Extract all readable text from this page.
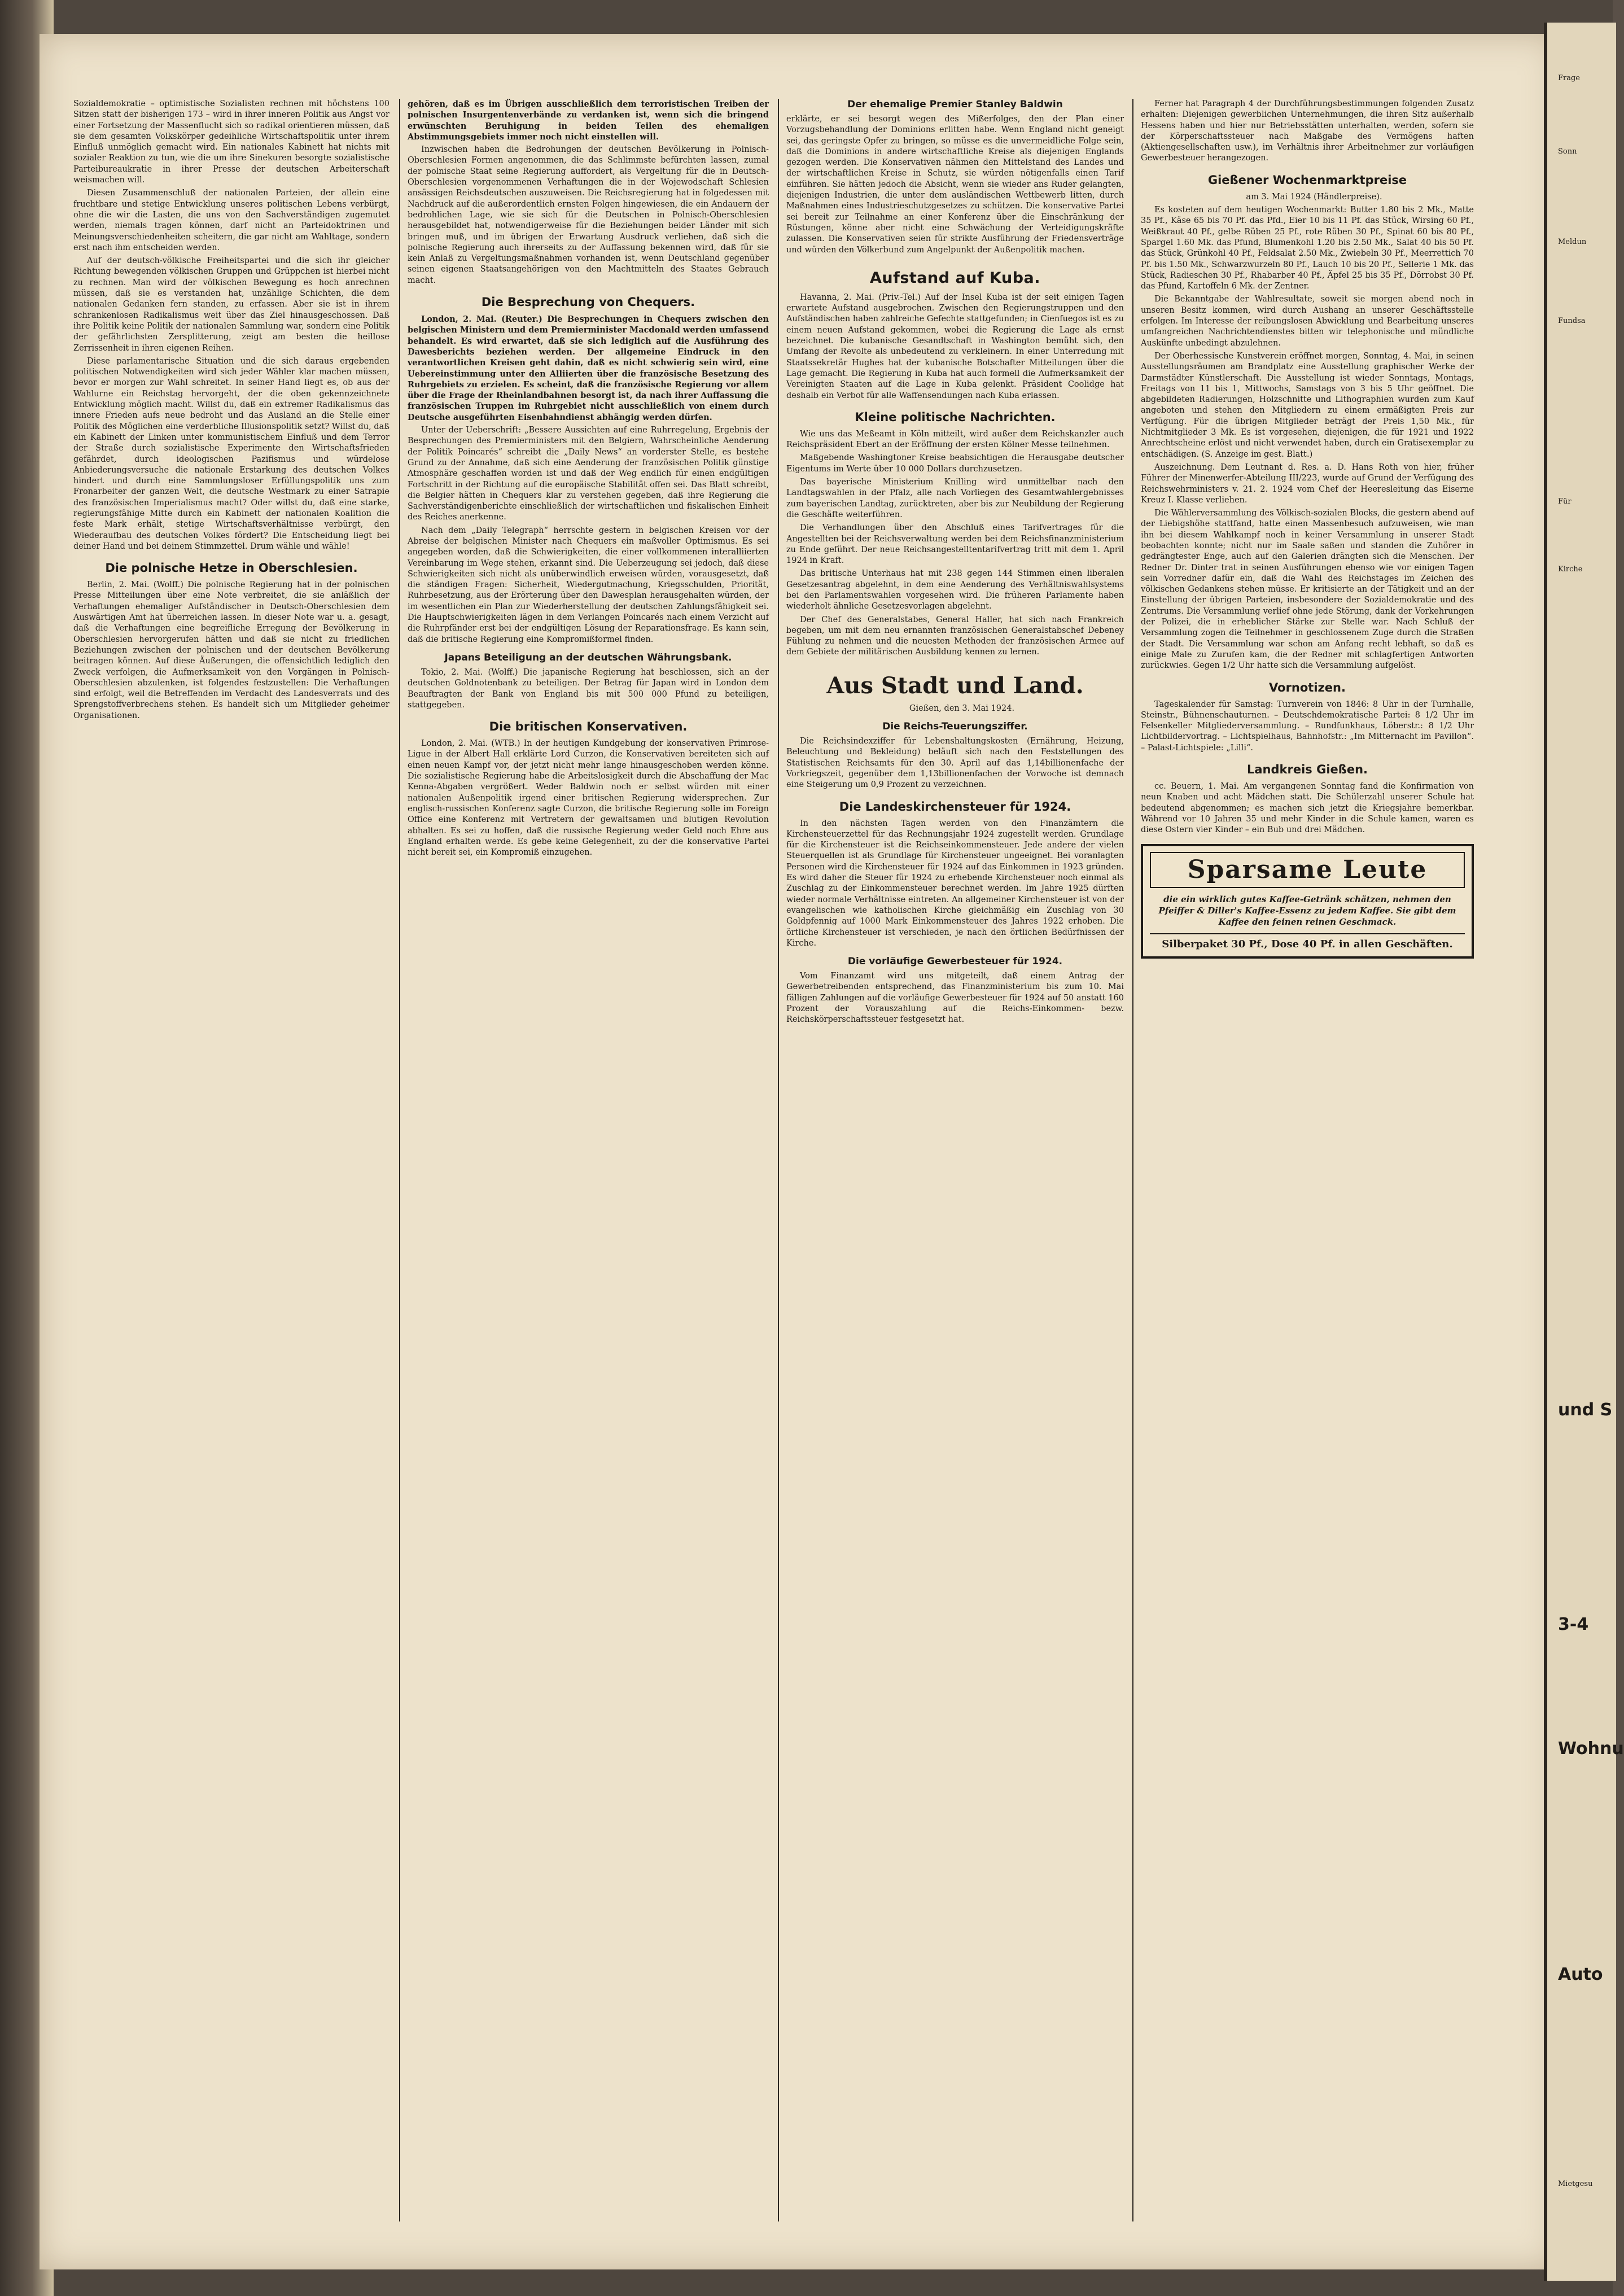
Sozialdemokratie – optimistische Sozialisten rechnen mit höchstens 100 Sitzen statt der bisherigen 173 – wird in ihrer inneren Politik aus Angst vor einer Fortsetzung der Massenflucht sich so radikal orientieren müssen, daß sie dem gesamten Volkskörper gedeihliche Wirtschaftspolitik unter ihrem Einfluß unmöglich gemacht wird. Ein nationales Kabinett hat nichts mit sozialer Reaktion zu tun, wie die um ihre Sinekuren besorgte sozialistische Parteibureaukratie in ihrer Presse der deutschen Arbeiterschaft weismachen will.

Diesen Zusammenschluß der nationalen Parteien, der allein eine fruchtbare und stetige Entwicklung unseres politischen Lebens verbürgt, ohne die wir die Lasten, die uns von den Sachverständigen zugemutet werden, niemals tragen können, darf nicht an Parteidoktrinen und Meinungsverschiedenheiten scheitern, die gar nicht am Wahltage, sondern erst nach ihm entscheiden werden.

Auf der deutsch-völkische Freiheitspartei und die sich ihr gleicher Richtung bewegenden völkischen Gruppen und Grüppchen ist hierbei nicht zu rechnen. Man wird der völkischen Bewegung es hoch anrechnen müssen, daß sie es verstanden hat, unzählige Schichten, die dem nationalen Gedanken fern standen, zu erfassen. Aber sie ist in ihrem schrankenlosen Radikalismus weit über das Ziel hinausgeschossen. Daß ihre Politik keine Politik der nationalen Sammlung war, sondern eine Politik der gefährlichsten Zersplitterung, zeigt am besten die heillose Zerrissenheit in ihren eigenen Reihen.

Diese parlamentarische Situation und die sich daraus ergebenden politischen Notwendigkeiten wird sich jeder Wähler klar machen müssen, bevor er morgen zur Wahl schreitet. In seiner Hand liegt es, ob aus der Wahlurne ein Reichstag hervorgeht, der die oben gekennzeichnete Entwicklung möglich macht. Willst du, daß ein extremer Radikalismus das innere Frieden aufs neue bedroht und das Ausland an die Stelle einer Politik des Möglichen eine verderbliche Illusionspolitik setzt? Willst du, daß ein Kabinett der Linken unter kommunistischem Einfluß und dem Terror der Straße durch sozialistische Experimente den Wirtschaftsfrieden gefährdet, durch ideologischen Pazifismus und würdelose Anbiederungsversuche die nationale Erstarkung des deutschen Volkes hindert und durch eine Sammlungsloser Erfüllungspolitik uns zum Fronarbeiter der ganzen Welt, die deutsche Westmark zu einer Satrapie des französischen Imperialismus macht? Oder willst du, daß eine starke, regierungsfähige Mitte durch ein Kabinett der nationalen Koalition die feste Mark erhält, stetige Wirtschaftsverhältnisse verbürgt, den Wiederaufbau des deutschen Volkes fördert? Die Entscheidung liegt bei deiner Hand und bei deinem Stimmzettel. Drum wähle und wähle!

Die polnische Hetze in Oberschlesien.

Berlin, 2. Mai. (Wolff.) Die polnische Regierung hat in der polnischen Presse Mitteilungen über eine Note verbreitet, die sie anläßlich der Verhaftungen ehemaliger Aufständischer in Deutsch-Oberschlesien dem Auswärtigen Amt hat überreichen lassen. In dieser Note war u. a. gesagt, daß die Verhaftungen eine begreifliche Erregung der Bevölkerung in Oberschlesien hervorgerufen hätten und daß sie nicht zu friedlichen Beziehungen zwischen der polnischen und der deutschen Bevölkerung beitragen können. Auf diese Äußerungen, die offensichtlich lediglich den Zweck verfolgen, die Aufmerksamkeit von den Vorgängen in Polnisch-Oberschlesien abzulenken, ist folgendes festzustellen: Die Verhaftungen sind erfolgt, weil die Betreffenden im Verdacht des Landesverrats und des Sprengstoffverbrechens stehen. Es handelt sich um Mitglieder geheimer Organisationen.

gehören, daß es im Übrigen ausschließlich dem terroristischen Treiben der polnischen Insurgentenverbände zu verdanken ist, wenn sich die bringend erwünschten Beruhigung in beiden Teilen des ehemaligen Abstimmungsgebiets immer noch nicht einstellen will.

Inzwischen haben die Bedrohungen der deutschen Bevölkerung in Polnisch-Oberschlesien Formen angenommen, die das Schlimmste befürchten lassen, zumal der polnische Staat seine Regierung auffordert, als Vergeltung für die in Deutsch-Oberschlesien vorgenommenen Verhaftungen die in der Wojewodschaft Schlesien ansässigen Reichsdeutschen auszuweisen. Die Reichsregierung hat in folgedessen mit Nachdruck auf die außerordentlich ernsten Folgen hingewiesen, die ein Andauern der bedrohlichen Lage, wie sie sich für die Deutschen in Polnisch-Oberschlesien herausgebildet hat, notwendigerweise für die Beziehungen beider Länder mit sich bringen muß, und im übrigen der Erwartung Ausdruck verliehen, daß sich die polnische Regierung auch ihrerseits zu der Auffassung bekennen wird, daß für sie kein Anlaß zu Vergeltungsmaßnahmen vorhanden ist, wenn Deutschland gegenüber seinen eigenen Staatsangehörigen von den Machtmitteln des Staates Gebrauch macht.

Die Besprechung von Chequers.

London, 2. Mai. (Reuter.) Die Besprechungen in Chequers zwischen den belgischen Ministern und dem Premierminister Macdonald werden umfassend behandelt. Es wird erwartet, daß sie sich lediglich auf die Ausführung des Dawesberichts beziehen werden. Der allgemeine Eindruck in den verantwortlichen Kreisen geht dahin, daß es nicht schwierig sein wird, eine Uebereinstimmung unter den Alliierten über die französische Besetzung des Ruhrgebiets zu erzielen. Es scheint, daß die französische Regierung vor allem über die Frage der Rheinlandbahnen besorgt ist, da nach ihrer Auffassung die französischen Truppen im Ruhrgebiet nicht ausschließlich von einem durch Deutsche ausgeführten Eisenbahndienst abhängig werden dürfen.

Unter der Ueberschrift: „Bessere Aussichten auf eine Ruhrregelung, Ergebnis der Besprechungen des Premierministers mit den Belgiern, Wahrscheinliche Aenderung der Politik Poincarés“ schreibt die „Daily News“ an vorderster Stelle, es bestehe Grund zu der Annahme, daß sich eine Aenderung der französischen Politik günstige Atmosphäre geschaffen worden ist und daß der Weg endlich für einen endgültigen Fortschritt in der Richtung auf die europäische Stabilität offen sei. Das Blatt schreibt, die Belgier hätten in Chequers klar zu verstehen gegeben, daß ihre Regierung die Sachverständigenberichte einschließlich der wirtschaftlichen und fiskalischen Einheit des Reiches anerkenne.

Nach dem „Daily Telegraph“ herrschte gestern in belgischen Kreisen vor der Abreise der belgischen Minister nach Chequers ein maßvoller Optimismus. Es sei angegeben worden, daß die Schwierigkeiten, die einer vollkommenen interalliierten Vereinbarung im Wege stehen, erkannt sind. Die Ueberzeugung sei jedoch, daß diese Schwierigkeiten sich nicht als unüberwindlich erweisen würden, vorausgesetzt, daß die ständigen Fragen: Sicherheit, Wiedergutmachung, Kriegsschulden, Priorität, Ruhrbesetzung, aus der Erörterung über den Dawesplan herausgehalten würden, der im wesentlichen ein Plan zur Wiederherstellung der deutschen Zahlungsfähigkeit sei. Die Hauptschwierigkeiten lägen in dem Verlangen Poincarés nach einem Verzicht auf die Ruhrpfänder erst bei der endgültigen Lösung der Reparationsfrage. Es kann sein, daß die britische Regierung eine Kompromißformel finden.

Japans Beteiligung an der deutschen Währungsbank.

Tokio, 2. Mai. (Wolff.) Die japanische Regierung hat beschlossen, sich an der deutschen Goldnotenbank zu beteiligen. Der Betrag für Japan wird in London dem Beauftragten der Bank von England bis mit 500 000 Pfund zu beteiligen, stattgegeben.

Die britischen Konservativen.

London, 2. Mai. (WTB.) In der heutigen Kundgebung der konservativen Primrose-Ligue in der Albert Hall erklärte Lord Curzon, die Konservativen bereiteten sich auf einen neuen Kampf vor, der jetzt nicht mehr lange hinausgeschoben werden könne. Die sozialistische Regierung habe die Arbeitslosigkeit durch die Abschaffung der Mac Kenna-Abgaben vergrößert. Weder Baldwin noch er selbst würden mit einer nationalen Außenpolitik irgend einer britischen Regierung widersprechen. Zur englisch-russischen Konferenz sagte Curzon, die britische Regierung solle im Foreign Office eine Konferenz mit Vertretern der gewaltsamen und blutigen Revolution abhalten. Es sei zu hoffen, daß die russische Regierung weder Geld noch Ehre aus England erhalten werde. Es gebe keine Gelegenheit, zu der die konservative Partei nicht bereit sei, ein Kompromiß einzugehen.

Der ehemalige Premier Stanley Baldwin

erklärte, er sei besorgt wegen des Mißerfolges, den der Plan einer Vorzugsbehandlung der Dominions erlitten habe. Wenn England nicht geneigt sei, das geringste Opfer zu bringen, so müsse es die unvermeidliche Folge sein, daß die Dominions in andere wirtschaftliche Kreise als diejenigen Englands gezogen werden. Die Konservativen nähmen den Mittelstand des Landes und der wirtschaftlichen Kreise in Schutz, sie würden nötigenfalls einen Tarif einführen. Sie hätten jedoch die Absicht, wenn sie wieder ans Ruder gelangten, diejenigen Industrien, die unter dem ausländischen Wettbewerb litten, durch Maßnahmen eines Industrieschutzgesetzes zu schützen. Die konservative Partei sei bereit zur Teilnahme an einer Konferenz über die Einschränkung der Rüstungen, könne aber nicht eine Schwächung der Verteidigungskräfte zulassen. Die Konservativen seien für strikte Ausführung der Friedensverträge und würden den Völkerbund zum Angelpunkt der Außenpolitik machen.

Aufstand auf Kuba.

Havanna, 2. Mai. (Priv.-Tel.) Auf der Insel Kuba ist der seit einigen Tagen erwartete Aufstand ausgebrochen. Zwischen den Regierungstruppen und den Aufständischen haben zahlreiche Gefechte stattgefunden; in Cienfuegos ist es zu einem neuen Aufstand gekommen, wobei die Regierung die Lage als ernst bezeichnet. Die kubanische Gesandtschaft in Washington bemüht sich, den Umfang der Revolte als unbedeutend zu verkleinern. In einer Unterredung mit Staatssekretär Hughes hat der kubanische Botschafter Mitteilungen über die Lage gemacht. Die Regierung in Kuba hat auch formell die Aufmerksamkeit der Vereinigten Staaten auf die Lage in Kuba gelenkt. Präsident Coolidge hat deshalb ein Verbot für alle Waffensendungen nach Kuba erlassen.

Kleine politische Nachrichten.

Wie uns das Meßeamt in Köln mitteilt, wird außer dem Reichskanzler auch Reichspräsident Ebert an der Eröffnung der ersten Kölner Messe teilnehmen.

Maßgebende Washingtoner Kreise beabsichtigen die Herausgabe deutscher Eigentums im Werte über 10 000 Dollars durchzusetzen.

Das bayerische Ministerium Knilling wird unmittelbar nach den Landtagswahlen in der Pfalz, alle nach Vorliegen des Gesamtwahlergebnisses zum bayerischen Landtag, zurücktreten, aber bis zur Neubildung der Regierung die Geschäfte weiterführen.

Die Verhandlungen über den Abschluß eines Tarifvertrages für die Angestellten bei der Reichsverwaltung werden bei dem Reichsfinanzministerium zu Ende geführt. Der neue Reichsangestelltentarifvertrag tritt mit dem 1. April 1924 in Kraft.

Das britische Unterhaus hat mit 238 gegen 144 Stimmen einen liberalen Gesetzesantrag abgelehnt, in dem eine Aenderung des Verhältniswahlsystems bei den Parlamentswahlen vorgesehen wird. Die früheren Parlamente haben wiederholt ähnliche Gesetzesvorlagen abgelehnt.

Der Chef des Generalstabes, General Haller, hat sich nach Frankreich begeben, um mit dem neu ernannten französischen Generalstabschef Debeney Fühlung zu nehmen und die neuesten Methoden der französischen Armee auf dem Gebiete der militärischen Ausbildung kennen zu lernen.

Aus Stadt und Land.

Gießen, den 3. Mai 1924.

Die Reichs-Teuerungsziffer.

Die Reichsindexziffer für Lebenshaltungskosten (Ernährung, Heizung, Beleuchtung und Bekleidung) beläuft sich nach den Feststellungen des Statistischen Reichsamts für den 30. April auf das 1,14billionenfache der Vorkriegszeit, gegenüber dem 1,13billionenfachen der Vorwoche ist demnach eine Steigerung um 0,9 Prozent zu verzeichnen.

Die Landeskirchensteuer für 1924.

In den nächsten Tagen werden von den Finanzämtern die Kirchensteuerzettel für das Rechnungsjahr 1924 zugestellt werden. Grundlage für die Kirchensteuer ist die Reichseinkommensteuer. Jede andere der vielen Steuerquellen ist als Grundlage für Kirchensteuer ungeeignet. Bei voranlagten Personen wird die Kirchensteuer für 1924 auf das Einkommen in 1923 gründen. Es wird daher die Steuer für 1924 zu erhebende Kirchensteuer noch einmal als Zuschlag zu der Einkommensteuer berechnet werden. Im Jahre 1925 dürften wieder normale Verhältnisse eintreten. An allgemeiner Kirchensteuer ist von der evangelischen wie katholischen Kirche gleichmäßig ein Zuschlag von 30 Goldpfennig auf 1000 Mark Einkommensteuer des Jahres 1922 erhoben. Die örtliche Kirchensteuer ist verschieden, je nach den örtlichen Bedürfnissen der Kirche.

Die vorläufige Gewerbesteuer für 1924.

Vom Finanzamt wird uns mitgeteilt, daß einem Antrag der Gewerbetreibenden entsprechend, das Finanzministerium bis zum 10. Mai fälligen Zahlungen auf die vorläufige Gewerbesteuer für 1924 auf 50 anstatt 160 Prozent der Vorauszahlung auf die Reichs-Einkommen- bezw. Reichskörperschaftssteuer festgesetzt hat.

Ferner hat Paragraph 4 der Durchführungsbestimmungen folgenden Zusatz erhalten: Diejenigen gewerblichen Unternehmungen, die ihren Sitz außerhalb Hessens haben und hier nur Betriebsstätten unterhalten, werden, sofern sie der Körperschaftssteuer nach Maßgabe des Vermögens haften (Aktiengesellschaften usw.), im Verhältnis ihrer Arbeitnehmer zur vorläufigen Gewerbesteuer herangezogen.

Gießener Wochenmarktpreise

am 3. Mai 1924 (Händlerpreise).

Es kosteten auf dem heutigen Wochenmarkt: Butter 1.80 bis 2 Mk., Matte 35 Pf., Käse 65 bis 70 Pf. das Pfd., Eier 10 bis 11 Pf. das Stück, Wirsing 60 Pf., Weißkraut 40 Pf., gelbe Rüben 25 Pf., rote Rüben 30 Pf., Spinat 60 bis 80 Pf., Spargel 1.60 Mk. das Pfund, Blumenkohl 1.20 bis 2.50 Mk., Salat 40 bis 50 Pf. das Stück, Grünkohl 40 Pf., Feldsalat 2.50 Mk., Zwiebeln 30 Pf., Meerrettich 70 Pf. bis 1.50 Mk., Schwarzwurzeln 80 Pf., Lauch 10 bis 20 Pf., Sellerie 1 Mk. das Stück, Radieschen 30 Pf., Rhabarber 40 Pf., Äpfel 25 bis 35 Pf., Dörrobst 30 Pf. das Pfund, Kartoffeln 6 Mk. der Zentner.

Die Bekanntgabe der Wahlresultate, soweit sie morgen abend noch in unseren Besitz kommen, wird durch Aushang an unserer Geschäftsstelle erfolgen. Im Interesse der reibungslosen Abwicklung und Bearbeitung unseres umfangreichen Nachrichtendienstes bitten wir telephonische und mündliche Auskünfte unbedingt abzulehnen.

Der Oberhessische Kunstverein eröffnet morgen, Sonntag, 4. Mai, in seinen Ausstellungsräumen am Brandplatz eine Ausstellung graphischer Werke der Darmstädter Künstlerschaft. Die Ausstellung ist wieder Sonntags, Montags, Freitags von 11 bis 1, Mittwochs, Samstags von 3 bis 5 Uhr geöffnet. Die abgebildeten Radierungen, Holzschnitte und Lithographien wurden zum Kauf angeboten und stehen den Mitgliedern zu einem ermäßigten Preis zur Verfügung. Für die übrigen Mitglieder beträgt der Preis 1,50 Mk., für Nichtmitglieder 3 Mk. Es ist vorgesehen, diejenigen, die für 1921 und 1922 Anrechtscheine erlöst und nicht verwendet haben, durch ein Gratisexemplar zu entschädigen. (S. Anzeige im gest. Blatt.)

Auszeichnung. Dem Leutnant d. Res. a. D. Hans Roth von hier, früher Führer der Minenwerfer-Abteilung III/223, wurde auf Grund der Verfügung des Reichswehrministers v. 21. 2. 1924 vom Chef der Heeresleitung das Eiserne Kreuz I. Klasse verliehen.

Die Wählerversammlung des Völkisch-sozialen Blocks, die gestern abend auf der Liebigshöhe stattfand, hatte einen Massenbesuch aufzuweisen, wie man ihn bei diesem Wahlkampf noch in keiner Versammlung in unserer Stadt beobachten konnte; nicht nur im Saale saßen und standen die Zuhörer in gedrängtester Enge, auch auf den Galerien drängten sich die Menschen. Der Redner Dr. Dinter trat in seinen Ausführungen ebenso wie vor einigen Tagen sein Vorredner dafür ein, daß die Wahl des Reichstages im Zeichen des völkischen Gedankens stehen müsse. Er kritisierte an der Tätigkeit und an der Einstellung der übrigen Parteien, insbesondere der Sozialdemokratie und des Zentrums. Die Versammlung verlief ohne jede Störung, dank der Vorkehrungen der Polizei, die in erheblicher Stärke zur Stelle war. Nach Schluß der Versammlung zogen die Teilnehmer in geschlossenem Zuge durch die Straßen der Stadt. Die Versammlung war schon am Anfang recht lebhaft, so daß es einige Male zu Zurufen kam, die der Redner mit schlagfertigen Antworten zurückwies. Gegen 1/2 Uhr hatte sich die Versammlung aufgelöst.

Vornotizen.

Tageskalender für Samstag: Turnverein von 1846: 8 Uhr in der Turnhalle, Steinstr., Bühnenschauturnen. – Deutschdemokratische Partei: 8 1/2 Uhr im Felsenkeller Mitgliederversammlung. – Rundfunkhaus, Löberstr.: 8 1/2 Uhr Lichtbildervortrag. – Lichtspielhaus, Bahnhofstr.: „Im Mitternacht im Pavillon“. – Palast-Lichtspiele: „Lilli“.

Landkreis Gießen.

cc. Beuern, 1. Mai. Am vergangenen Sonntag fand die Konfirmation von neun Knaben und acht Mädchen statt. Die Schülerzahl unserer Schule hat bedeutend abgenommen; es machen sich jetzt die Kriegsjahre bemerkbar. Während vor 10 Jahren 35 und mehr Kinder in die Schule kamen, waren es diese Ostern vier Kinder – ein Bub und drei Mädchen.

Sparsame Leute
die ein wirklich gutes Kaffee-Getränk schätzen, nehmen den Pfeiffer & Diller's Kaffee-Essenz zu jedem Kaffee. Sie gibt dem Kaffee den feinen reinen Geschmack.
Silberpaket 30 Pf., Dose 40 Pf. in allen Geschäften.
Frage
Sonn
Meldun
Fundsa
Für
Kirche
und S
3-4
Wohnu
Auto
Mietgesu
